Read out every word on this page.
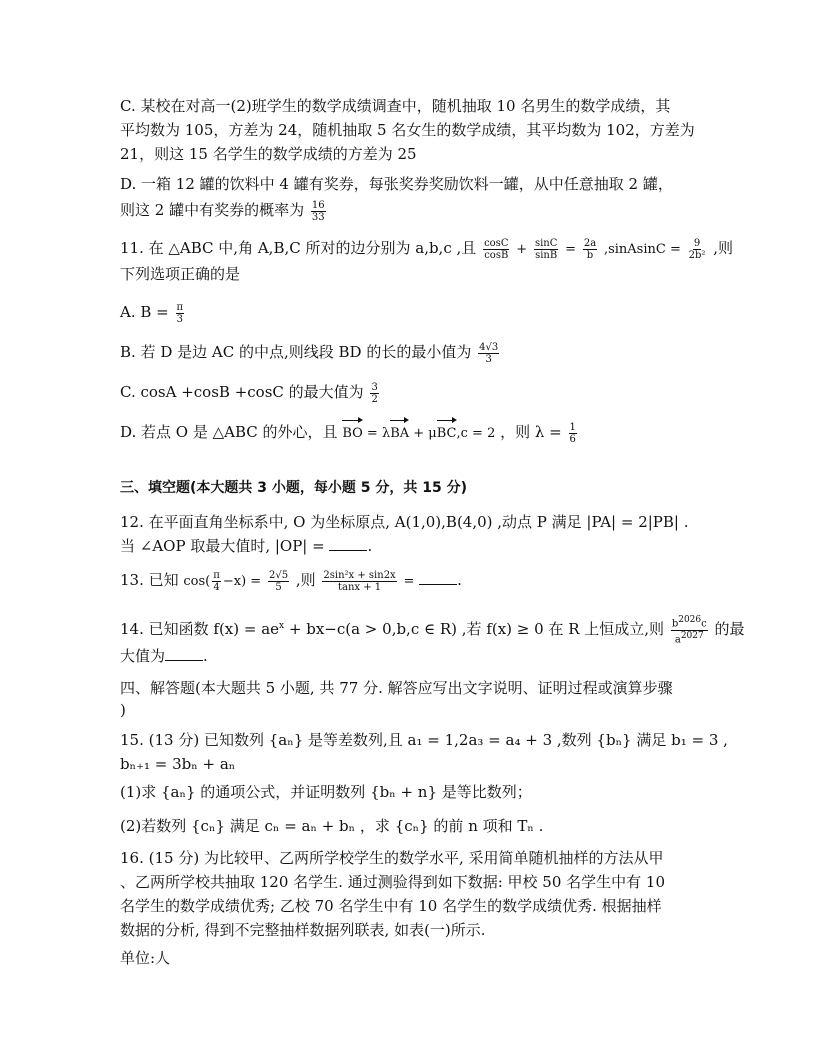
C. 某校在对高一(2)班学生的数学成绩调查中，随机抽取 10 名男生的数学成绩，其
平均数为 105，方差为 24，随机抽取 5 名女生的数学成绩，其平均数为 102，方差为
21，则这 15 名学生的数学成绩的方差为 25
D. 一箱 12 罐的饮料中 4 罐有奖券，每张奖券奖励饮料一罐，从中任意抽取 2 罐，
则这 2 罐中有奖券的概率为 $\frac{16}{33}$
11. 在 △ABC 中,角 A,B,C 所对的边分别为 a,b,c ,且 $\frac{\cos C}{\cos B} + \frac{\sin C}{\sin B} = \frac{2a}{b}$ ,sinAsinC = $\frac{9}{\text{2b²}}$ ,则
下列选项正确的是
A. $B = \frac{\pi}{3}$
B. 若 D 是边 AC 的中点,则线段 BD 的长的最小值为 $\frac{4√3}{3}$
C. cosA +cosB +cosC 的最大值为 $\frac{3}{2}$
D. 若点 O 是 △ABC 的外心，且 BO = λBA + μBC,c = 2 ，则 $\lambda = \frac{1}{6}$
三、填空题(本大题共 3 小题，每小题 5 分，共 15 分)
12. 在平面直角坐标系中, O 为坐标原点, A(1,0),B(4,0) ,动点 P 满足 |PA| = 2|PB| .
当 ∠AOP 取最大值时, |OP| =	.
13. 已知 $\cos( \frac{\pi}{4} -x) = \frac{2√5}{5}$ ,则 $\frac{\text{2sin²x + sin2x}}{\tan x + 1}$ =	.
14. 已知函数 $f(x) = ae^x + bx-c(a > 0,b,c$ ∈ R) ,若 f(x) ≥ 0 在 R 上恒成立,则 $\frac{b^{2026}c}{a^{2027}}$ 的最
大值为	.
四、解答题(本大题共 5 小题, 共 77 分. 解答应写出文字说明、证明过程或演算步骤
)
15. (13 分) 已知数列 {aₙ} 是等差数列,且 a₁ = 1,2a₃ = a₄ + 3 ,数列 {bₙ} 满足 b₁ = 3 ,
bₙ₊₁ = 3bₙ + aₙ
(1)求 {aₙ} 的通项公式，并证明数列 {bₙ + n} 是等比数列；
(2)若数列 {cₙ} 满足 cₙ = aₙ + bₙ ，求 {cₙ} 的前 n 项和 Tₙ .
16. (15 分) 为比较甲、乙两所学校学生的数学水平, 采用简单随机抽样的方法从甲
、乙两所学校共抽取 120 名学生. 通过测验得到如下数据: 甲校 50 名学生中有 10
名学生的数学成绩优秀; 乙校 70 名学生中有 10 名学生的数学成绩优秀. 根据抽样
数据的分析, 得到不完整抽样数据列联表, 如表(一)所示.
单位:人
